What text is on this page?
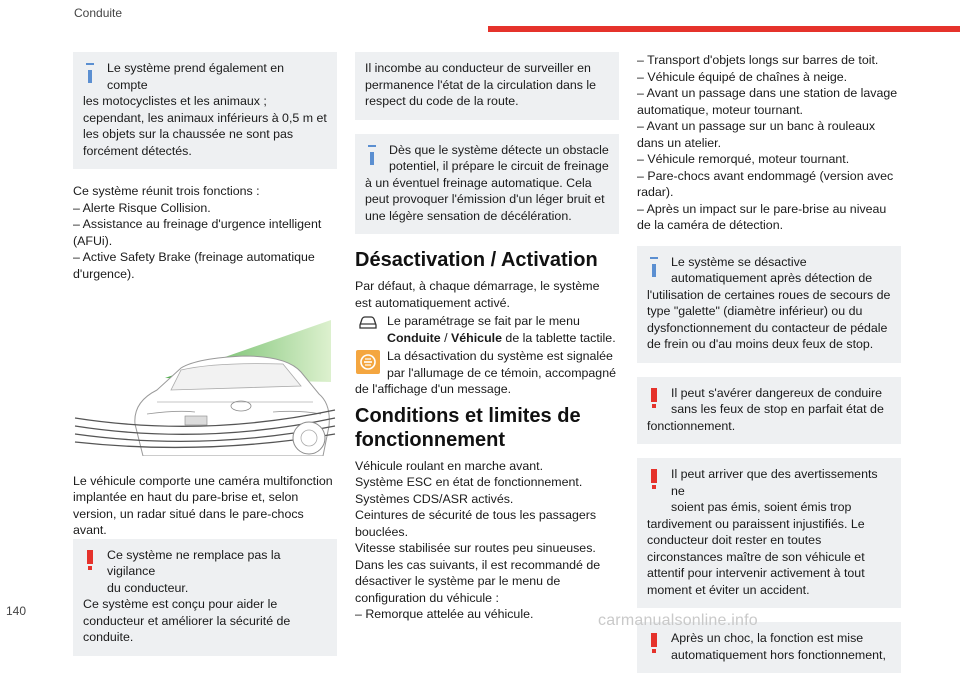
Conduite

Le système prend également en compte

les motocyclistes et les animaux ; cependant, les animaux inférieurs à 0,5 m et les objets sur la chaussée ne sont pas forcément détectés.

Ce système réunit trois fonctions :

– Alerte Risque Collision.

– Assistance au freinage d'urgence intelligent (AFUi).

– Active Safety Brake (freinage automatique d'urgence).

Le véhicule comporte une caméra multifonction implantée en haut du pare-brise et, selon version, un radar situé dans le pare-chocs avant.

Ce système ne remplace pas la vigilance

du conducteur.

Ce système est conçu pour aider le conducteur et améliorer la sécurité de conduite.

Il incombe au conducteur de surveiller en permanence l'état de la circulation dans le respect du code de la route.

Dès que le système détecte un obstacle

potentiel, il prépare le circuit de freinage

à un éventuel freinage automatique. Cela peut provoquer l'émission d'un léger bruit et une légère sensation de décélération.

Désactivation / Activation

Par défaut, à chaque démarrage, le système est automatiquement activé.

Le paramétrage se fait par le menu Conduite / Véhicule de la tablette tactile.
La désactivation du système est signalée par l'allumage de ce témoin, accompagné

de l'affichage d'un message.

Conditions et limites de fonctionnement

Véhicule roulant en marche avant.

Système ESC en état de fonctionnement.

Systèmes CDS/ASR activés.

Ceintures de sécurité de tous les passagers bouclées.

Vitesse stabilisée sur routes peu sinueuses.

Dans les cas suivants, il est recommandé de désactiver le système par le menu de configuration du véhicule :

– Remorque attelée au véhicule.

– Transport d'objets longs sur barres de toit.

– Véhicule équipé de chaînes à neige.

– Avant un passage dans une station de lavage automatique, moteur tournant.

– Avant un passage sur un banc à rouleaux dans un atelier.

– Véhicule remorqué, moteur tournant.

– Pare-chocs avant endommagé (version avec radar).

– Après un impact sur le pare-brise au niveau de la caméra de détection.

Le système se désactive

automatiquement après détection de

l'utilisation de certaines roues de secours de type "galette" (diamètre inférieur) ou du dysfonctionnement du contacteur de pédale de frein ou d'au moins deux feux de stop.

Il peut s'avérer dangereux de conduire

sans les feux de stop en parfait état de

fonctionnement.

Il peut arriver que des avertissements ne

soient pas émis, soient émis trop

tardivement ou paraissent injustifiés. Le conducteur doit rester en toutes circonstances maître de son véhicule et attentif pour intervenir activement à tout moment et éviter un accident.

Après un choc, la fonction est mise

automatiquement hors fonctionnement,

140
carmanualsonline.info
